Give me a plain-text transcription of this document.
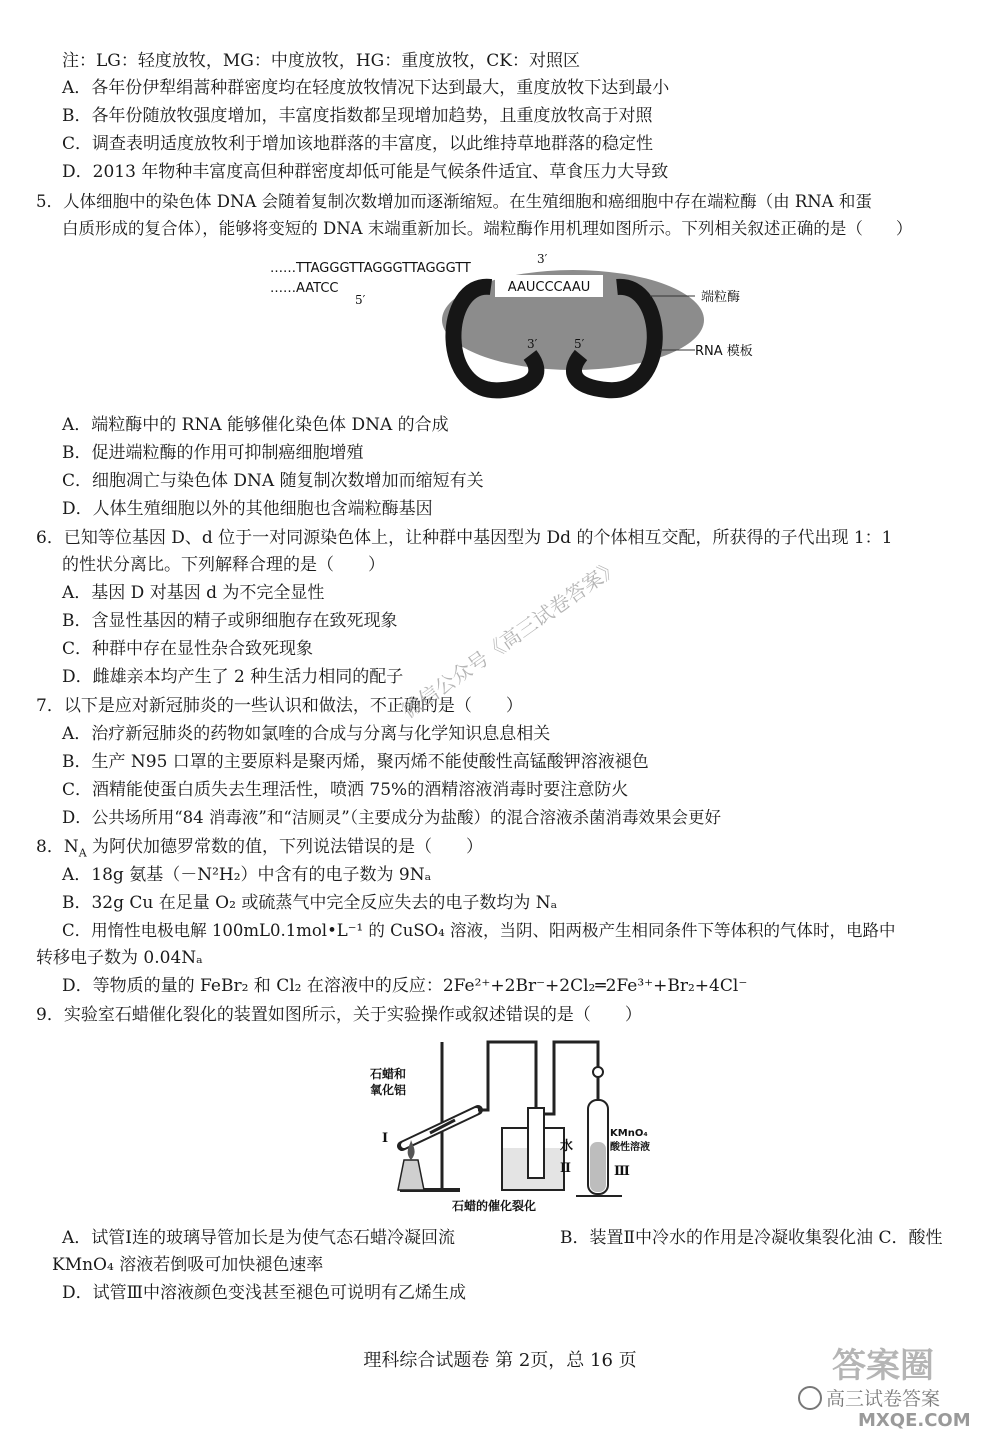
注：LG：轻度放牧，MG：中度放牧，HG：重度放牧，CK：对照区
A．各年份伊犁绢蒿种群密度均在轻度放牧情况下达到最大，重度放牧下达到最小
B．各年份随放牧强度增加，丰富度指数都呈现增加趋势，且重度放牧高于对照
C．调查表明适度放牧利于增加该地群落的丰富度，以此维持草地群落的稳定性
D．2013 年物种丰富度高但种群密度却低可能是气候条件适宜、草食压力大导致
5．人体细胞中的染色体 DNA 会随着复制次数增加而逐渐缩短。在生殖细胞和癌细胞中存在端粒酶（由 RNA 和蛋
白质形成的复合体），能够将变短的 DNA 末端重新加长。端粒酶作用机理如图所示。下列相关叙述正确的是（　　）
AAUCCCAAU
……TTAGGGTTAGGGTTAGGGTT
……AATCC
3′
5′
3′	5′
端粒酶
RNA 模板
A．端粒酶中的 RNA 能够催化染色体 DNA 的合成
B．促进端粒酶的作用可抑制癌细胞增殖
C．细胞凋亡与染色体 DNA 随复制次数增加而缩短有关
D．人体生殖细胞以外的其他细胞也含端粒酶基因
6．已知等位基因 D、d 位于一对同源染色体上，让种群中基因型为 Dd 的个体相互交配，所获得的子代出现 1：1
的性状分离比。下列解释合理的是（　　）
A．基因 D 对基因 d 为不完全显性
B．含显性基因的精子或卵细胞存在致死现象
C．种群中存在显性杂合致死现象
D．雌雄亲本均产生了 2 种生活力相同的配子
7．以下是应对新冠肺炎的一些认识和做法，不正确的是（　　）
A．治疗新冠肺炎的药物如氯喹的合成与分离与化学知识息息相关
B．生产 N95 口罩的主要原料是聚丙烯，聚丙烯不能使酸性高锰酸钾溶液褪色
C．酒精能使蛋白质失去生理活性，喷洒 75%的酒精溶液消毒时要注意防火
D．公共场所用“84 消毒液”和“洁厕灵”（主要成分为盐酸）的混合溶液杀菌消毒效果会更好
8．$N_A$ 为阿伏加德罗常数的值，下列说法错误的是（　　）
A．18g 氨基（－N²H₂）中含有的电子数为 9Nₐ
B．32g Cu 在足量 O₂ 或硫蒸气中完全反应失去的电子数均为 Nₐ
C．用惰性电极电解 100mL0.1mol•L⁻¹ 的 CuSO₄ 溶液，当阴、阳两极产生相同条件下等体积的气体时，电路中
转移电子数为 0.04Nₐ
D．等物质的量的 FeBr₂ 和 Cl₂ 在溶液中的反应：2Fe²⁺+2Br⁻+2Cl₂═2Fe³⁺+Br₂+4Cl⁻
9．实验室石蜡催化裂化的装置如图所示，关于实验操作或叙述错误的是（　　）
石蜡和
氧化铝
Ⅰ
水
Ⅱ
KMnO₄
酸性溶液
Ⅲ
石蜡的催化裂化
A．试管Ⅰ连的玻璃导管加长是为使气态石蜡冷凝回流	B．装置Ⅱ中冷水的作用是冷凝收集裂化油 C．酸性
KMnO₄ 溶液若倒吸可加快褪色速率
D．试管Ⅲ中溶液颜色变浅甚至褪色可说明有乙烯生成
理科综合试题卷 第 2页，总 16 页
微信公众号《高三试卷答案》
答案圈
高三试卷答案
MXQE.COM
